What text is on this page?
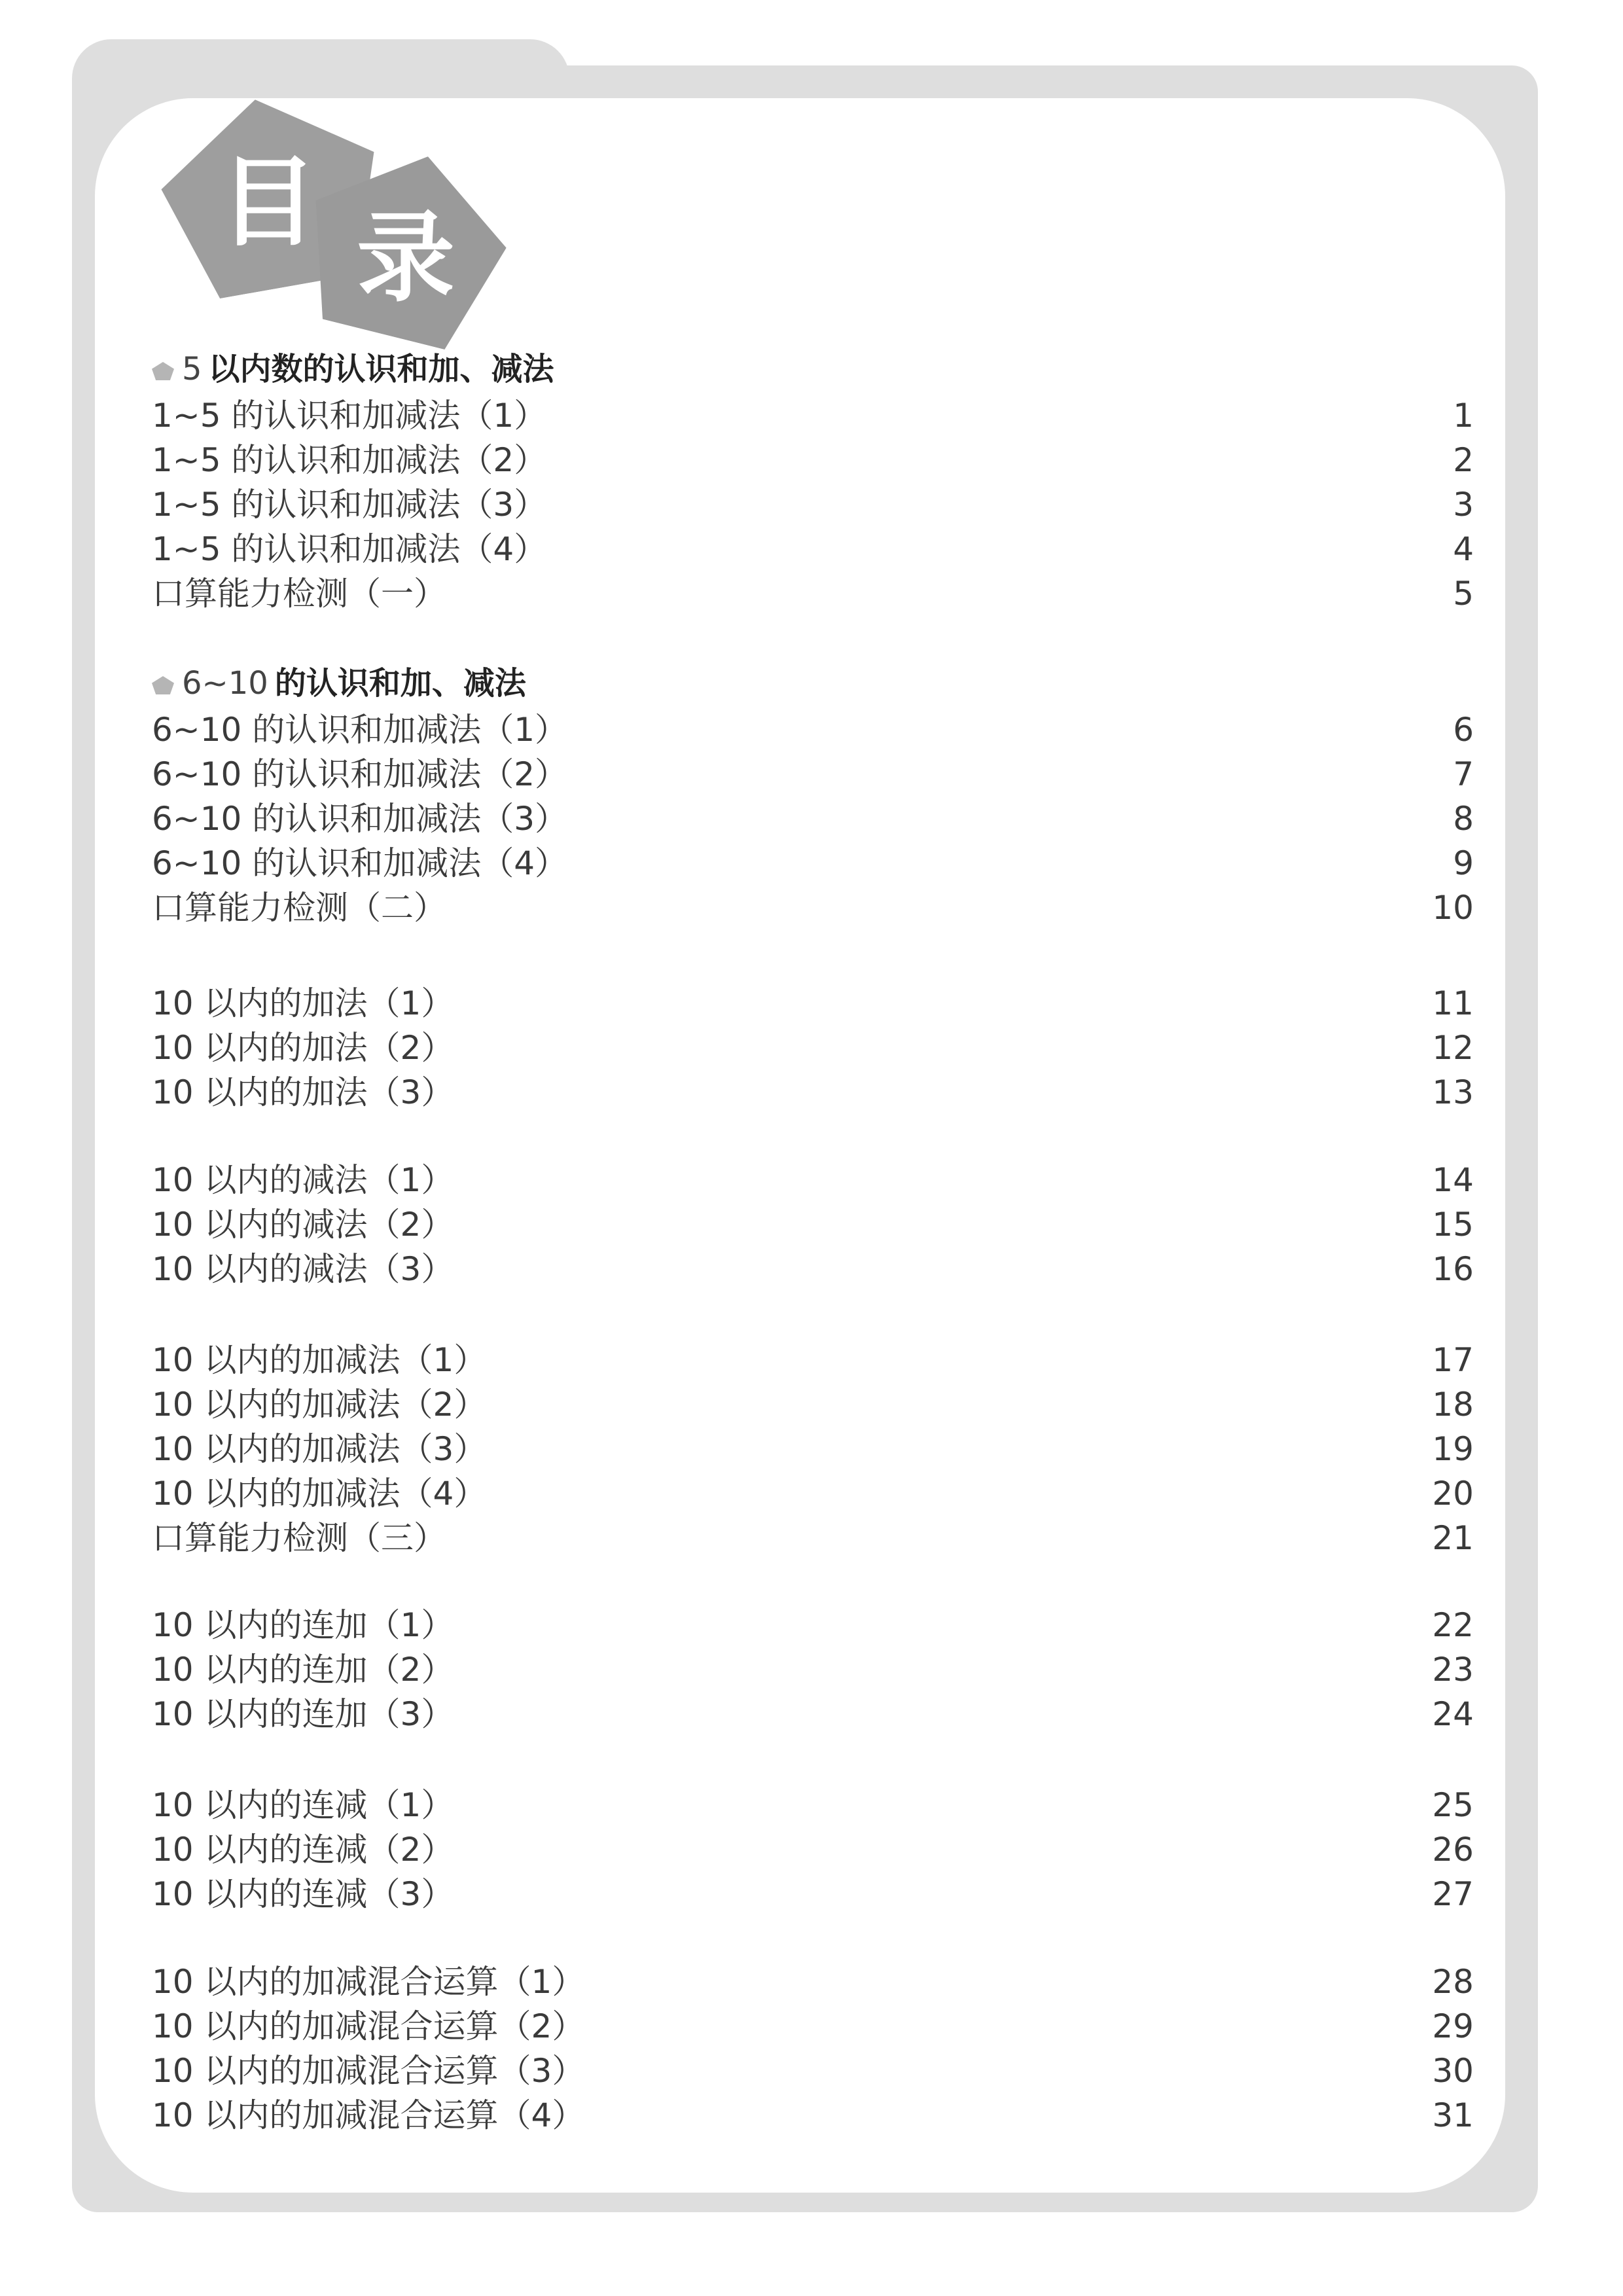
目 录
5 以内数的认识和加、减法
1~5 的认识和加减法（1）	1
1~5 的认识和加减法（2）	2
1~5 的认识和加减法（3）	3
1~5 的认识和加减法（4）	4
口算能力检测（一）	5
6~10 的认识和加、减法
6~10 的认识和加减法（1）	6
6~10 的认识和加减法（2）	7
6~10 的认识和加减法（3）	8
6~10 的认识和加减法（4）	9
口算能力检测（二）	10
10 以内的加法（1）	11
10 以内的加法（2）	12
10 以内的加法（3）	13
10 以内的减法（1）	14
10 以内的减法（2）	15
10 以内的减法（3）	16
10 以内的加减法（1）	17
10 以内的加减法（2）	18
10 以内的加减法（3）	19
10 以内的加减法（4）	20
口算能力检测（三）	21
10 以内的连加（1）	22
10 以内的连加（2）	23
10 以内的连加（3）	24
10 以内的连减（1）	25
10 以内的连减（2）	26
10 以内的连减（3）	27
10 以内的加减混合运算（1）	28
10 以内的加减混合运算（2）	29
10 以内的加减混合运算（3）	30
10 以内的加减混合运算（4）	31
